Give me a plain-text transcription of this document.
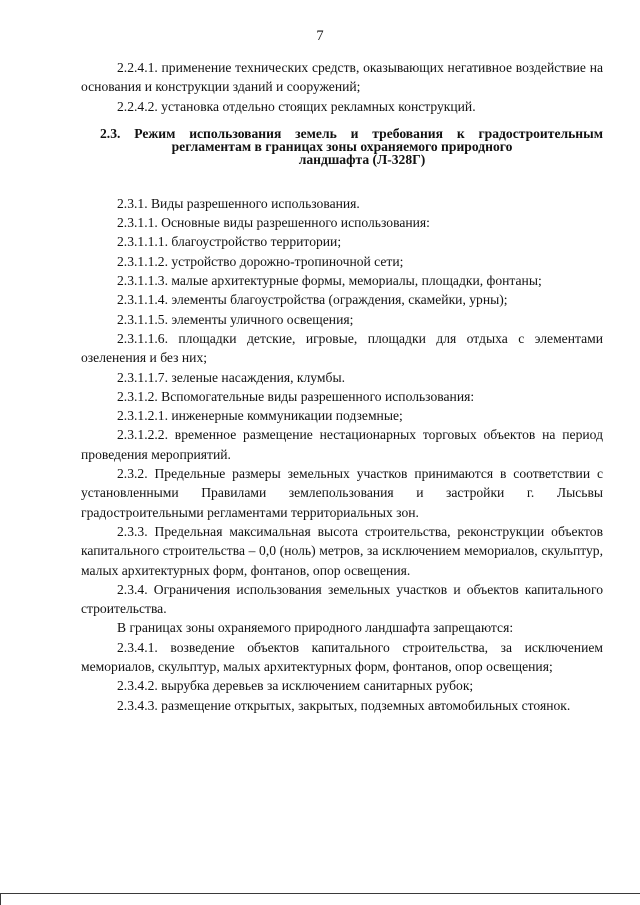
7

2.2.4.1. применение технических средств, оказывающих негативное воздействие на основания и конструкции зданий и сооружений;

2.2.4.2. установка отдельно стоящих рекламных конструкций.

2.3. Режим использования земель и требования к градостроительным
регламентам в границах зоны охраняемого природного
ландшафта (Л-328Г)

2.3.1. Виды разрешенного использования.

2.3.1.1. Основные виды разрешенного использования:

2.3.1.1.1. благоустройство территории;

2.3.1.1.2. устройство дорожно-тропиночной сети;

2.3.1.1.3. малые архитектурные формы, мемориалы, площадки, фонтаны;

2.3.1.1.4. элементы благоустройства (ограждения, скамейки, урны);

2.3.1.1.5. элементы уличного освещения;

2.3.1.1.6. площадки детские, игровые, площадки для отдыха с элементами озеленения и без них;

2.3.1.1.7. зеленые насаждения, клумбы.

2.3.1.2. Вспомогательные виды разрешенного использования:

2.3.1.2.1. инженерные коммуникации подземные;

2.3.1.2.2. временное размещение нестационарных торговых объектов на период проведения мероприятий.

2.3.2. Предельные размеры земельных участков принимаются в соответствии с установленными Правилами землепользования и застройки г. Лысьвы градостроительными регламентами территориальных зон.

2.3.3. Предельная максимальная высота строительства, реконструкции объектов капитального строительства – 0,0 (ноль) метров, за исключением мемориалов, скульптур, малых архитектурных форм, фонтанов, опор освещения.

2.3.4. Ограничения использования земельных участков и объектов капитального строительства.

В границах зоны охраняемого природного ландшафта запрещаются:

2.3.4.1. возведение объектов капитального строительства, за исключением мемориалов, скульптур, малых архитектурных форм, фонтанов, опор освещения;

2.3.4.2. вырубка деревьев за исключением санитарных рубок;

2.3.4.3. размещение открытых, закрытых, подземных автомобильных стоянок.
